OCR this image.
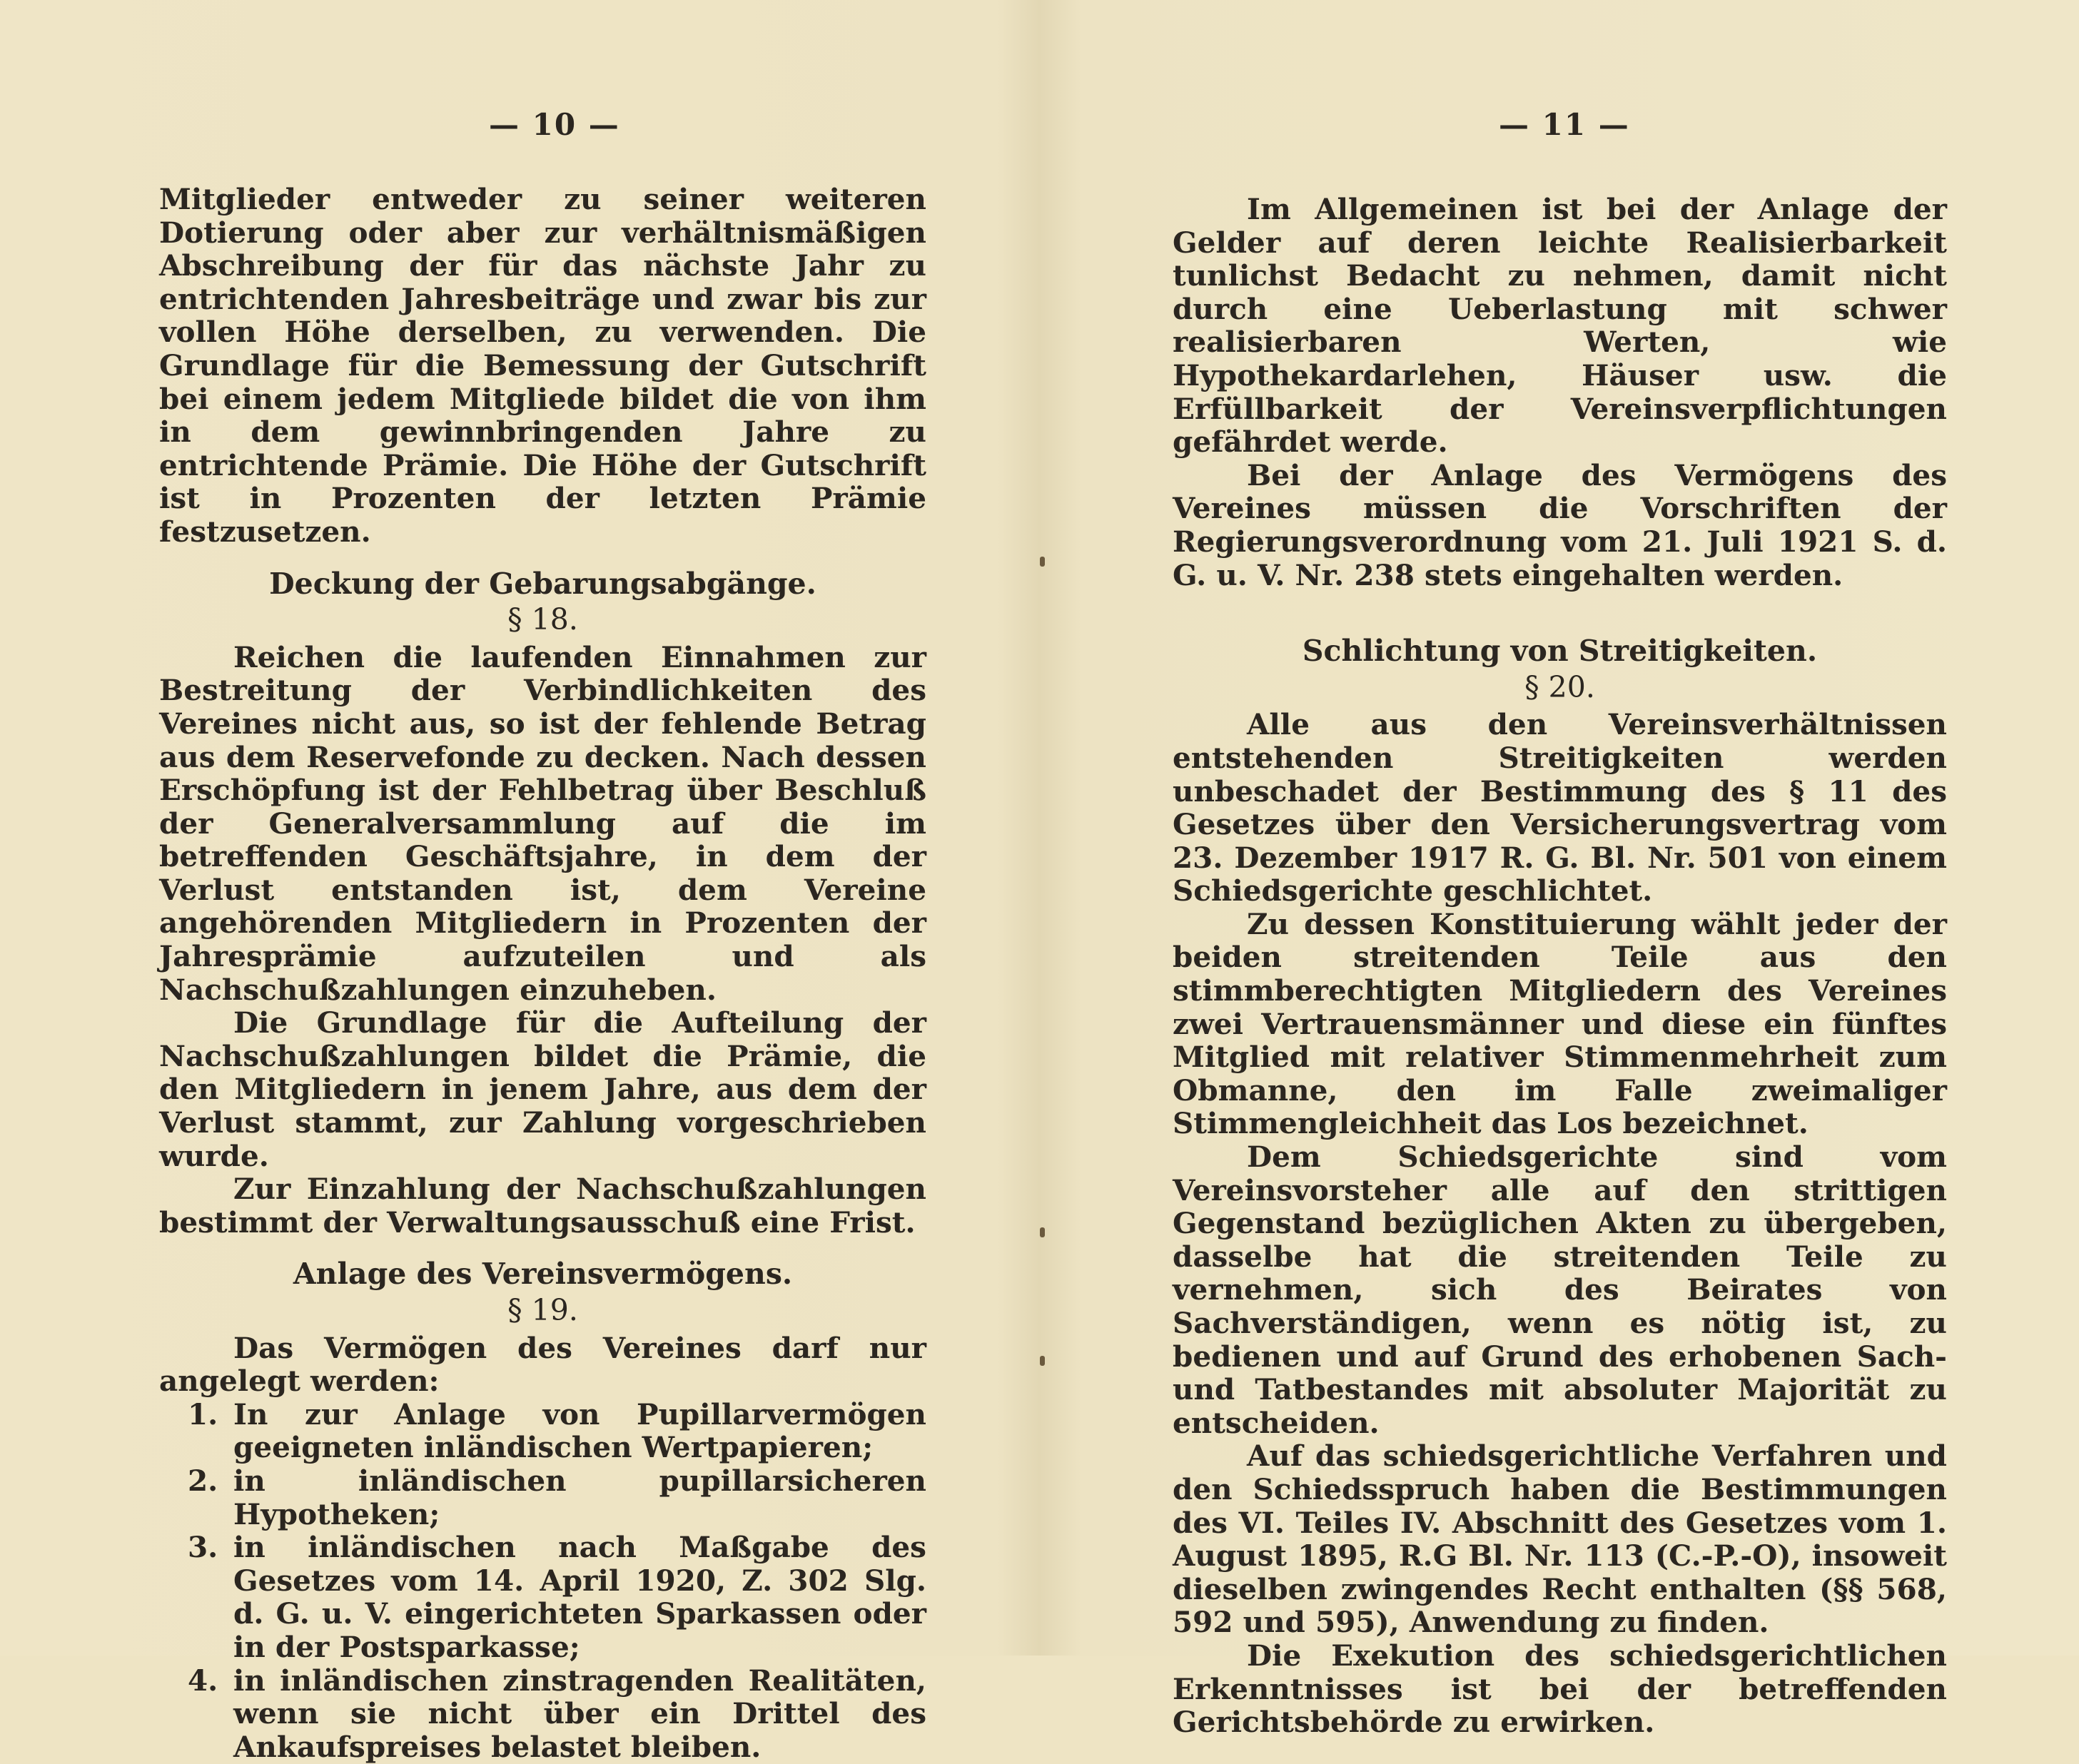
— 10 —

Mitglieder entweder zu seiner weiteren Dotierung oder aber zur verhältnismäßigen Abschreibung der für das nächste Jahr zu entrichtenden Jahresbeiträge und zwar bis zur vollen Höhe derselben, zu verwenden. Die Grundlage für die Bemessung der Gutschrift bei einem jedem Mitgliede bildet die von ihm in dem gewinnbringenden Jahre zu entrichtende Prämie. Die Höhe der Gutschrift ist in Prozenten der letzten Prämie festzusetzen.

Deckung der Gebarungsabgänge.
§ 18.

Reichen die laufenden Einnahmen zur Bestreitung der Verbindlichkeiten des Vereines nicht aus, so ist der fehlende Betrag aus dem Reservefonde zu decken. Nach dessen Erschöpfung ist der Fehlbetrag über Beschluß der Generalversammlung auf die im betreffenden Geschäftsjahre, in dem der Verlust entstanden ist, dem Vereine angehörenden Mitgliedern in Prozenten der Jahresprämie aufzuteilen und als Nachschußzahlungen einzuheben.

Die Grundlage für die Aufteilung der Nachschußzahlungen bildet die Prämie, die den Mitgliedern in jenem Jahre, aus dem der Verlust stammt, zur Zahlung vorgeschrieben wurde.

Zur Einzahlung der Nachschußzahlungen bestimmt der Verwaltungsausschuß eine Frist.

Anlage des Vereinsvermögens.
§ 19.

Das Vermögen des Vereines darf nur angelegt werden:

1. In zur Anlage von Pupillarvermögen geeigneten inländischen Wertpapieren;
2. in inländischen pupillarsicheren Hypotheken;
3. in inländischen nach Maßgabe des Gesetzes vom 14. April 1920, Z. 302 Slg. d. G. u. V. eingerichteten Sparkassen oder in der Postsparkasse;
4. in inländischen zinstragenden Realitäten, wenn sie nicht über ein Drittel des Ankaufspreises belastet bleiben.
— 11 —

Im Allgemeinen ist bei der Anlage der Gelder auf deren leichte Realisierbarkeit tunlichst Bedacht zu nehmen, damit nicht durch eine Ueberlastung mit schwer realisierbaren Werten, wie Hypothekardarlehen, Häuser usw. die Erfüllbarkeit der Vereinsverpflichtungen gefährdet werde.

Bei der Anlage des Vermögens des Vereines müssen die Vorschriften der Regierungsverordnung vom 21. Juli 1921 S. d. G. u. V. Nr. 238 stets eingehalten werden.

Schlichtung von Streitigkeiten.
§ 20.

Alle aus den Vereinsverhältnissen entstehenden Streitigkeiten werden unbeschadet der Bestimmung des § 11 des Gesetzes über den Versicherungsvertrag vom 23. Dezember 1917 R. G. Bl. Nr. 501 von einem Schiedsgerichte geschlichtet.

Zu dessen Konstituierung wählt jeder der beiden streitenden Teile aus den stimmberechtigten Mitgliedern des Vereines zwei Vertrauensmänner und diese ein fünftes Mitglied mit relativer Stimmenmehrheit zum Obmanne, den im Falle zweimaliger Stimmengleichheit das Los bezeichnet.

Dem Schiedsgerichte sind vom Vereinsvorsteher alle auf den strittigen Gegenstand bezüglichen Akten zu übergeben, dasselbe hat die streitenden Teile zu vernehmen, sich des Beirates von Sachverständigen, wenn es nötig ist, zu bedienen und auf Grund des erhobenen Sach- und Tatbestandes mit absoluter Majorität zu entscheiden.

Auf das schiedsgerichtliche Verfahren und den Schiedsspruch haben die Bestimmungen des VI. Teiles IV. Abschnitt des Gesetzes vom 1. August 1895, R.G Bl. Nr. 113 (C.-P.-O), insoweit dieselben zwingendes Recht enthalten (§§ 568, 592 und 595), Anwendung zu finden.

Die Exekution des schiedsgerichtlichen Erkenntnisses ist bei der betreffenden Gerichtsbehörde zu erwirken.
